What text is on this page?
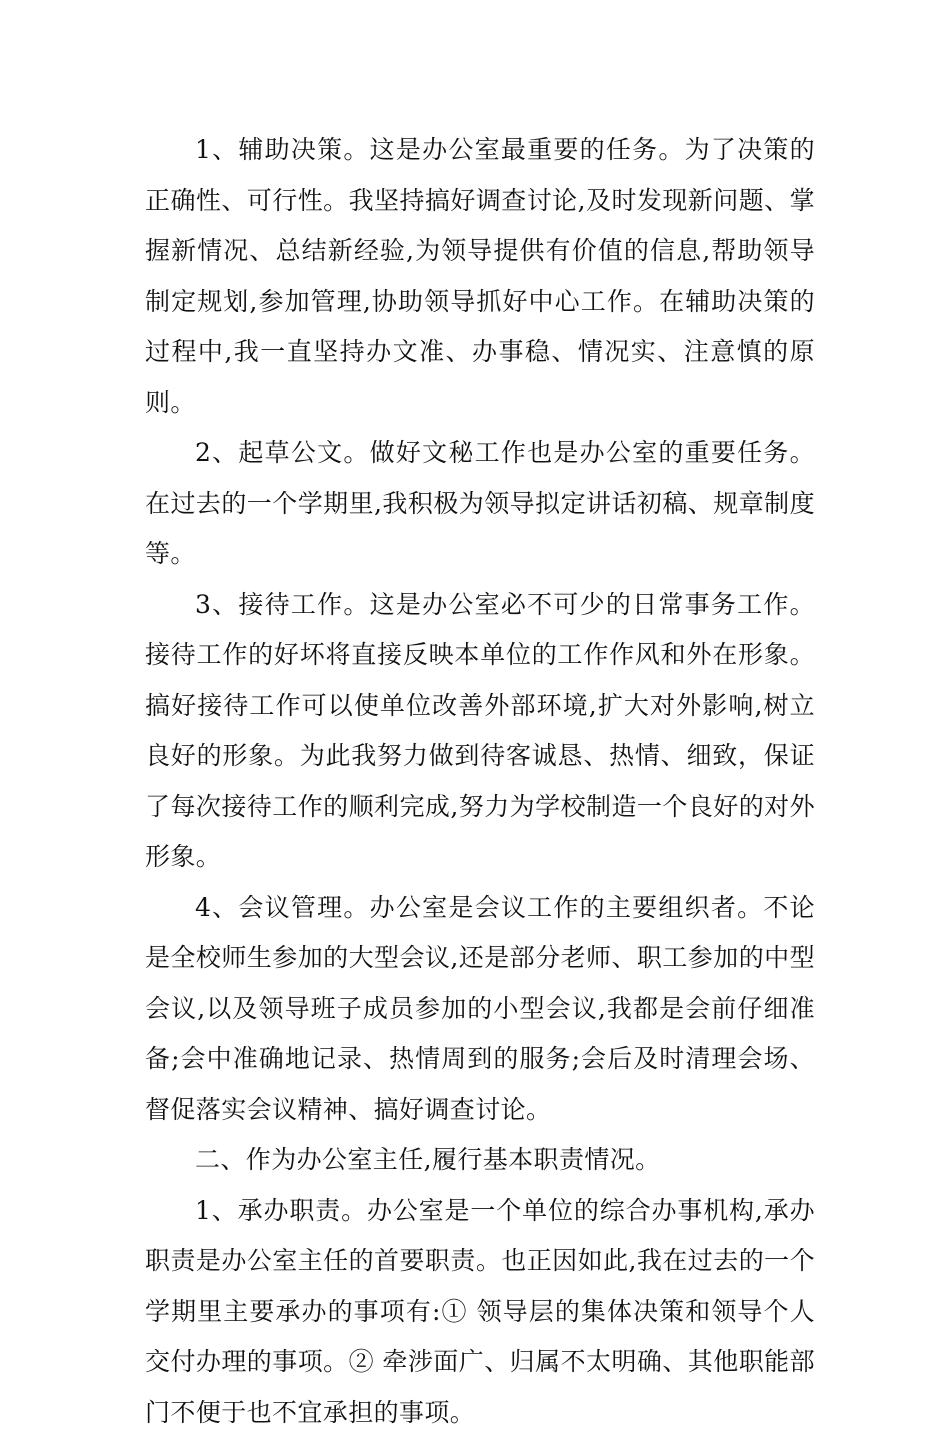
1、辅助决策。这是办公室最重要的任务。为了决策的正确性、可行性。我坚持搞好调查讨论,及时发现新问题、掌握新情况、总结新经验,为领导提供有价值的信息,帮助领导制定规划,参加管理,协助领导抓好中心工作。在辅助决策的过程中,我一直坚持办文准、办事稳、情况实、注意慎的原则。

2、起草公文。做好文秘工作也是办公室的重要任务。在过去的一个学期里,我积极为领导拟定讲话初稿、规章制度等。

3、接待工作。这是办公室必不可少的日常事务工作。接待工作的好坏将直接反映本单位的工作作风和外在形象。搞好接待工作可以使单位改善外部环境,扩大对外影响,树立良好的形象。为此我努力做到待客诚恳、热情、细致，保证了每次接待工作的顺利完成,努力为学校制造一个良好的对外形象。

4、会议管理。办公室是会议工作的主要组织者。不论是全校师生参加的大型会议,还是部分老师、职工参加的中型会议,以及领导班子成员参加的小型会议,我都是会前仔细准备;会中准确地记录、热情周到的服务;会后及时清理会场、督促落实会议精神、搞好调查讨论。

二、作为办公室主任,履行基本职责情况。

1、承办职责。办公室是一个单位的综合办事机构,承办职责是办公室主任的首要职责。也正因如此,我在过去的一个学期里主要承办的事项有:① 领导层的集体决策和领导个人交付办理的事项。② 牵涉面广、归属不太明确、其他职能部门不便于也不宜承担的事项。
